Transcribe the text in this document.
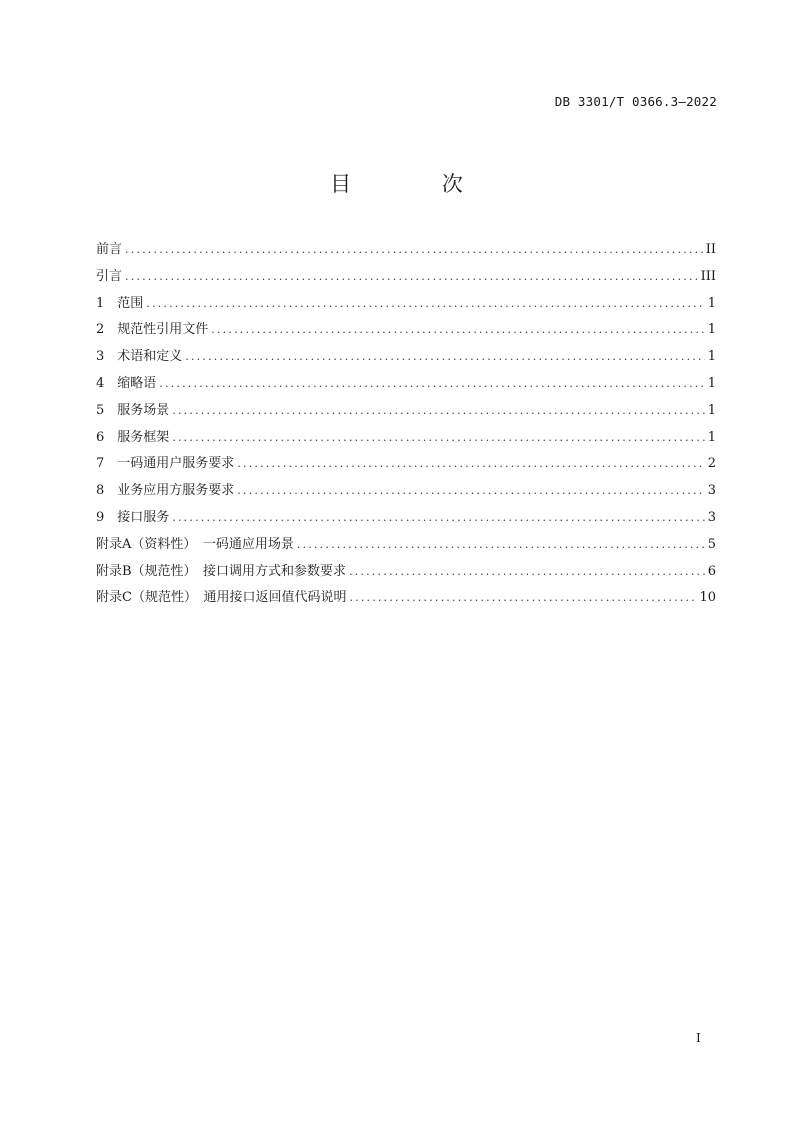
DB 3301/T 0366.3—2022
目 次
前言 .....	II
引言 .....	III
1　范围 .....	1
2　规范性引用文件 .....	1
3　术语和定义 .....	1
4　缩略语 .....	1
5　服务场景 .....	1
6　服务框架 .....	1
7　一码通用户服务要求 .....	2
8　业务应用方服务要求 .....	3
9　接口服务 .....	3
附录A（资料性）　一码通应用场景 .....	5
附录B（规范性）　接口调用方式和参数要求 .....	6
附录C（规范性）　通用接口返回值代码说明 .....	10
I
